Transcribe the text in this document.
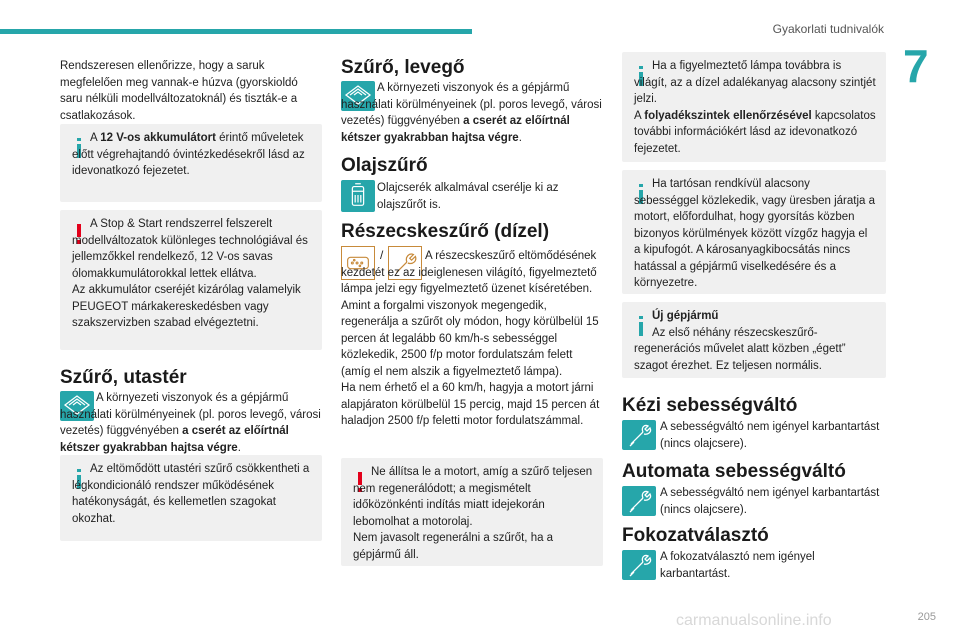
Gyakorlati tudnivalók
7

Rendszeresen ellenőrizze, hogy a saruk megfelelően meg vannak-e húzva (gyorskioldó saru nélküli modellváltozatoknál) és tiszták-e a csatlakozások.

A 12 V-os akkumulátort érintő műveletek előtt végrehajtandó óvintézkedésekről lásd az idevonatkozó fejezetet.
A Stop & Start rendszerrel felszerelt modellváltozatok különleges technológiával és jellemzőkkel rendelkező, 12 V-os savas ólomakkumulátorokkal lettek ellátva.
Az akkumulátor cseréjét kizárólag valamelyik PEUGEOT márkakereskedésben vagy szakszervizben szabad elvégeztetni.
Szűrő, utastér

A környezeti viszonyok és a gépjármű használati körülményeinek (pl. poros levegő, városi vezetés) függvényében a cserét az előírtnál kétszer gyakrabban hajtsa végre.

Az eltömődött utastéri szűrő csökkentheti a légkondicionáló rendszer működésének hatékonyságát, és kellemetlen szagokat okozhat.
Szűrő, levegő

A környezeti viszonyok és a gépjármű használati körülményeinek (pl. poros levegő, városi vezetés) függvényében a cserét az előírtnál kétszer gyakrabban hajtsa végre.

Olajszűrő

Olajcserék alkalmával cserélje ki az olajszűrőt is.

Részecskeszűrő (dízel)
/	A részecskeszűrő eltömődésének kezdetét ez az ideiglenesen világító, figyelmeztető lámpa jelzi egy figyelmeztető üzenet kíséretében.
Amint a forgalmi viszonyok megengedik, regenerálja a szűrőt oly módon, hogy körülbelül 15 percen át legalább 60 km/h-s sebességgel közlekedik, 2500 f/p motor fordulatszám felett (amíg el nem alszik a figyelmeztető lámpa).
Ha nem érhető el a 60 km/h, hagyja a motort járni alapjáraton körülbelül 15 percig, majd 15 percen át haladjon 2500 f/p feletti motor fordulatszámmal.

Ne állítsa le a motort, amíg a szűrő teljesen nem regenerálódott; a megismételt időközönkénti indítás miatt idejekorán lebomolhat a motorolaj.
Nem javasolt regenerálni a szűrőt, ha a gépjármű áll.
Ha a figyelmeztető lámpa továbbra is világít, az a dízel adalékanyag alacsony szintjét jelzi.
A folyadékszintek ellenőrzésével kapcsolatos további információkért lásd az idevonatkozó fejezetet.
Ha tartósan rendkívül alacsony sebességgel közlekedik, vagy üresben járatja a motort, előfordulhat, hogy gyorsítás közben bizonyos körülmények között vízgőz hagyja el a kipufogót. A károsanyagkibocsátás nincs hatással a gépjármű viselkedésére és a környezetre.
Új gépjármű
Az első néhány részecskeszűrő-regenerációs művelet alatt közben „égett” szagot érezhet. Ez teljesen normális.
Kézi sebességváltó

A sebességváltó nem igényel karbantartást (nincs olajcsere).

Automata sebességváltó

A sebességváltó nem igényel karbantartást (nincs olajcsere).

Fokozatválasztó

A fokozatválasztó nem igényel karbantartást.

carmanualsonline.info	205
